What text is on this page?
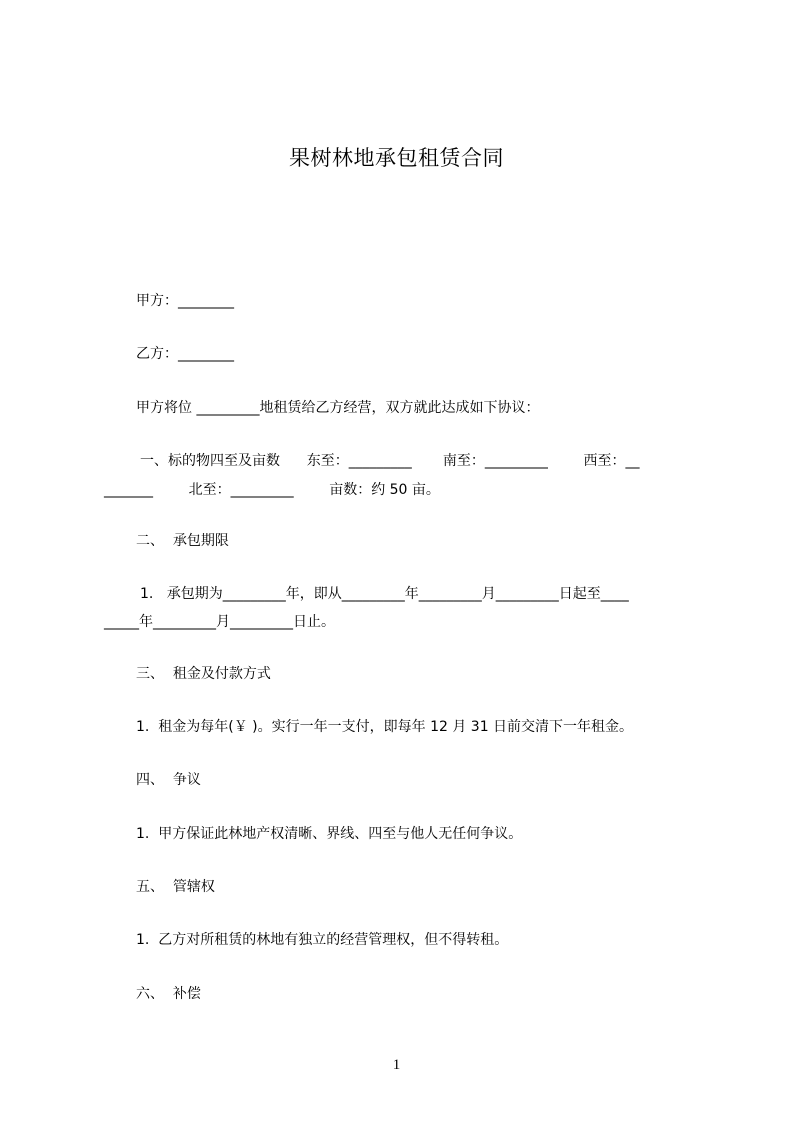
果树林地承包租赁合同
甲方：________
乙方：________
甲方将位 _________地租赁给乙方经营，双方就此达成如下协议：
一、标的物四至及亩数      东至：_________       南至：_________        西至：__
_______        北至：_________        亩数：约 50 亩。
二、  承包期限
1.   承包期为_________年，即从_________年_________月_________日起至____
_____年_________月_________日止。
三、  租金及付款方式
1.  租金为每年(￥ )。实行一年一支付，即每年 12 月 31 日前交清下一年租金。
四、  争议
1.  甲方保证此林地产权清晰、界线、四至与他人无任何争议。
五、  管辖权
1.  乙方对所租赁的林地有独立的经营管理权，但不得转租。
六、  补偿
1
